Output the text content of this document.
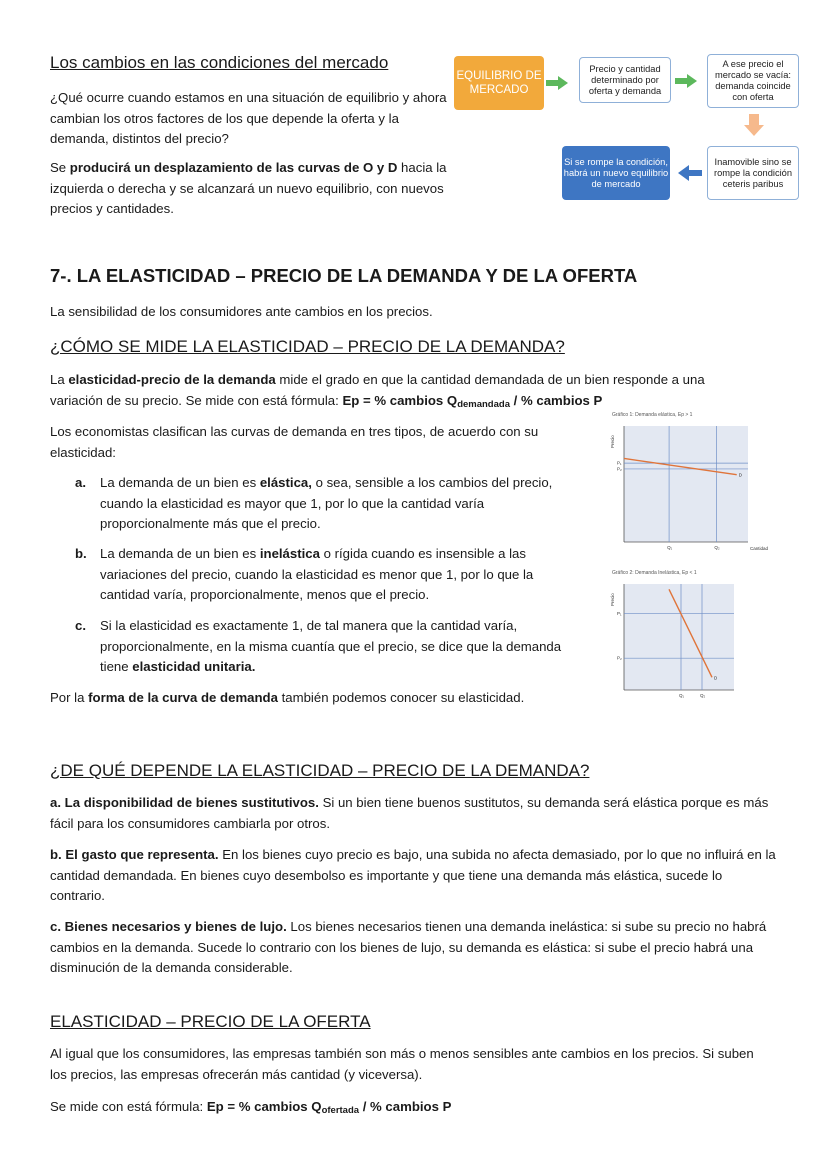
Los cambios en las condiciones del mercado

¿Qué ocurre cuando estamos en una situación de equilibrio y ahora cambian los otros factores de los que depende la oferta y la demanda, distintos del precio?

Se producirá un desplazamiento de las curvas de O y D hacia la izquierda o derecha y se alcanzará un nuevo equilibrio, con nuevos precios y cantidades.

EQUILIBRIO DE MERCADO
Precio y cantidad determinado por oferta y demanda
A ese precio el mercado se vacía: demanda coincide con oferta
Inamovible sino se rompe la condición ceteris paribus
Si se rompe la condición, habrá un nuevo equilibrio de mercado

7-. LA ELASTICIDAD – PRECIO DE LA DEMANDA Y DE LA OFERTA

La sensibilidad de los consumidores ante cambios en los precios.

¿CÓMO SE MIDE LA ELASTICIDAD – PRECIO DE LA DEMANDA?

La elasticidad-precio de la demanda mide el grado en que la cantidad demandada de un bien responde a una variación de su precio. Se mide con está fórmula: Ep = % cambios $Q_{demandada}$ / % cambios P

Los economistas clasifican las curvas de demanda en tres tipos, de acuerdo con su elasticidad:

a. La demanda de un bien es elástica, o sea, sensible a los cambios del precio, cuando la elasticidad es mayor que 1, por lo que la cantidad varía proporcionalmente más que el precio.

b. La demanda de un bien es inelástica o rígida cuando es insensible a las variaciones del precio, cuando la elasticidad es menor que 1, por lo que la cantidad varía, proporcionalmente, menos que el precio.

c. Si la elasticidad es exactamente 1, de tal manera que la cantidad varía, proporcionalmente, en la misma cuantía que el precio, se dice que la demanda tiene elasticidad unitaria.

Por la forma de la curva de demanda también podemos conocer su elasticidad.

Gráfico 1: Demanda elástica, Ep > 1
P₁
P₂
Q₁	Q₂
D
Precio
Cantidad
Gráfico 2: Demanda Inelástica, Ep < 1
P₁
P₂
Q₁	Q₂
D
Precio

¿DE QUÉ DEPENDE LA ELASTICIDAD – PRECIO DE LA DEMANDA?

a. La disponibilidad de bienes sustitutivos. Si un bien tiene buenos sustitutos, su demanda será elástica porque es más fácil para los consumidores cambiarla por otros.

b. El gasto que representa. En los bienes cuyo precio es bajo, una subida no afecta demasiado, por lo que no influirá en la cantidad demandada. En bienes cuyo desembolso es importante y que tiene una demanda más elástica, sucede lo contrario.

c. Bienes necesarios y bienes de lujo. Los bienes necesarios tienen una demanda inelástica: si sube su precio no habrá cambios en la demanda. Sucede lo contrario con los bienes de lujo, su demanda es elástica: si sube el precio habrá una disminución de la demanda considerable.

ELASTICIDAD – PRECIO DE LA OFERTA

Al igual que los consumidores, las empresas también son más o menos sensibles ante cambios en los precios. Si suben los precios, las empresas ofrecerán más cantidad (y viceversa).

Se mide con está fórmula: Ep = % cambios $Q_{ofertada}$ / % cambios P
